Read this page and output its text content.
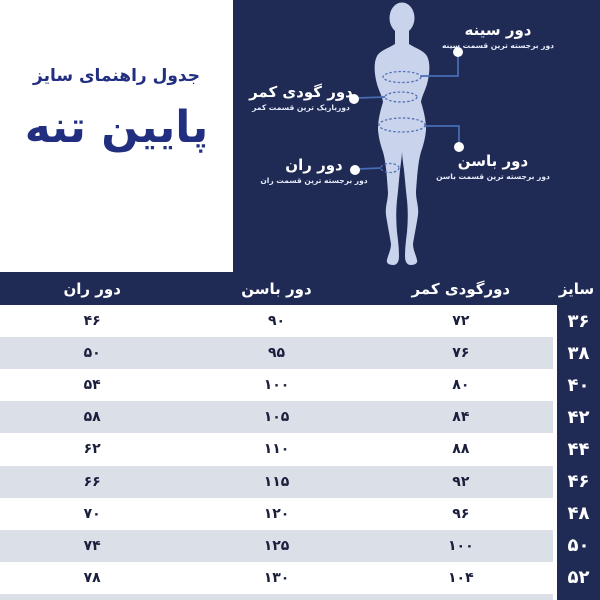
جدول راهنمای سایز
پایین تنه
دور سینه
دور برجسته ترین قسمت سینه
دور گودی کمر
دورباریک ترین قسمت کمر
دور باسن
دور برجسته ترین قسمت باسن
دور ران
دور برجسته ترین قسمت ران
سایز
دورگودی کمر
دور باسن
دور ران
۳۶
۷۲
۹۰
۴۶
۳۸
۷۶
۹۵
۵۰
۴۰
۸۰
۱۰۰
۵۴
۴۲
۸۴
۱۰۵
۵۸
۴۴
۸۸
۱۱۰
۶۲
۴۶
۹۲
۱۱۵
۶۶
۴۸
۹۶
۱۲۰
۷۰
۵۰
۱۰۰
۱۲۵
۷۴
۵۲
۱۰۴
۱۳۰
۷۸
